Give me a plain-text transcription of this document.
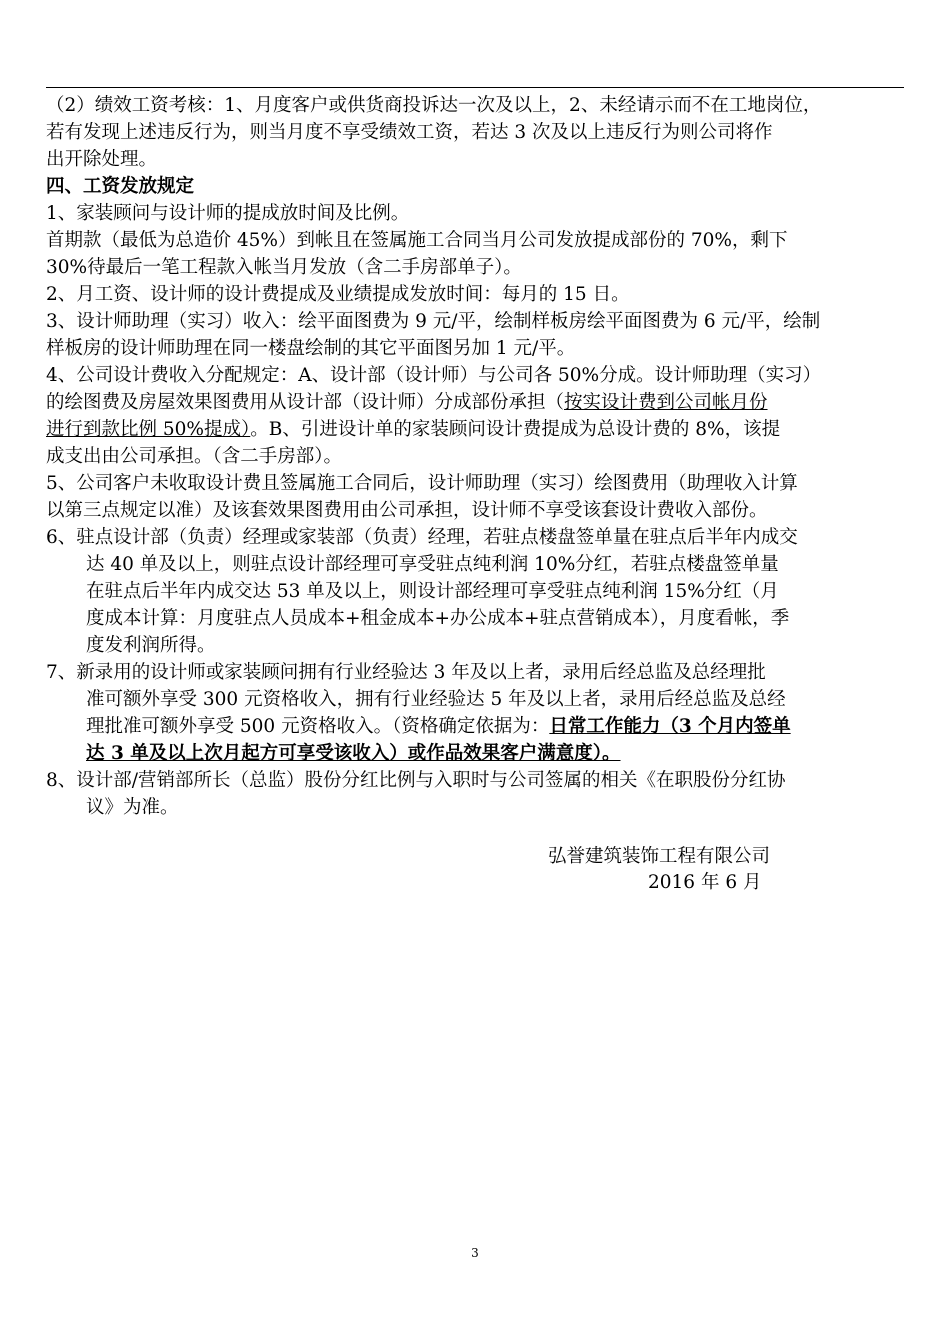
（2）绩效工资考核：1、月度客户或供货商投诉达一次及以上，2、未经请示而不在工地岗位，
若有发现上述违反行为，则当月度不享受绩效工资，若达 3 次及以上违反行为则公司将作
出开除处理。
四、工资发放规定
1、家装顾问与设计师的提成放时间及比例。
首期款（最低为总造价 45%）到帐且在签属施工合同当月公司发放提成部份的 70%，剩下
30%待最后一笔工程款入帐当月发放（含二手房部单子）。
2、月工资、设计师的设计费提成及业绩提成发放时间：每月的 15 日。
3、设计师助理（实习）收入：绘平面图费为 9 元/平，绘制样板房绘平面图费为 6 元/平，绘制
样板房的设计师助理在同一楼盘绘制的其它平面图另加 1 元/平。
4、公司设计费收入分配规定：A、设计部（设计师）与公司各 50%分成。设计师助理（实习）
的绘图费及房屋效果图费用从设计部（设计师）分成部份承担（按实设计费到公司帐月份
进行到款比例 50%提成）。B、引进设计单的家装顾问设计费提成为总设计费的 8%，该提
成支出由公司承担。（含二手房部）。
5、公司客户未收取设计费且签属施工合同后，设计师助理（实习）绘图费用（助理收入计算
以第三点规定以准）及该套效果图费用由公司承担，设计师不享受该套设计费收入部份。
6、驻点设计部（负责）经理或家装部（负责）经理，若驻点楼盘签单量在驻点后半年内成交
达 40 单及以上，则驻点设计部经理可享受驻点纯利润 10%分红，若驻点楼盘签单量
在驻点后半年内成交达 53 单及以上，则设计部经理可享受驻点纯利润 15%分红（月
度成本计算：月度驻点人员成本+租金成本+办公成本+驻点营销成本），月度看帐，季
度发利润所得。
7、新录用的设计师或家装顾问拥有行业经验达 3 年及以上者，录用后经总监及总经理批
准可额外享受 300 元资格收入，拥有行业经验达 5 年及以上者，录用后经总监及总经
理批准可额外享受 500 元资格收入。（资格确定依据为：日常工作能力（3 个月内签单
达 3 单及以上次月起方可享受该收入）或作品效果客户满意度）。
8、设计部/营销部所长（总监）股份分红比例与入职时与公司签属的相关《在职股份分红协
议》为准。
弘誉建筑装饰工程有限公司
2016 年 6 月
3
